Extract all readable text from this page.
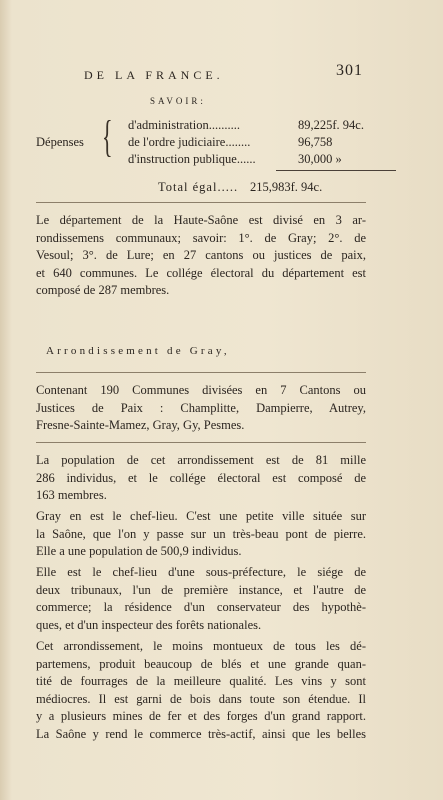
DE LA FRANCE.	301
SAVOIR:
Dépenses { d'administration..........	89,225f. 94c.
de l'ordre judiciaire........	96,758
d'instruction publique......	30,000 »
Total égal..... 215,983f. 94c.
Le département de la Haute-Saône est divisé en 3 ar-
rondissemens communaux; savoir: 1°. de Gray; 2°. de
Vesoul; 3°. de Lure; en 27 cantons ou justices de paix,
et 640 communes. Le collége électoral du département est
composé de 287 membres.
Arrondissement de Gray,
Contenant 190 Communes divisées en 7 Cantons ou
Justices de Paix : Champlitte, Dampierre, Autrey,
Fresne-Sainte-Mamez, Gray, Gy, Pesmes.
La population de cet arrondissement est de 81 mille
286 individus, et le collége électoral est composé de
163 membres.
Gray en est le chef-lieu. C'est une petite ville située sur
la Saône, que l'on y passe sur un très-beau pont de pierre.
Elle a une population de 500,9 individus.
Elle est le chef-lieu d'une sous-préfecture, le siége de
deux tribunaux, l'un de première instance, et l'autre de
commerce; la résidence d'un conservateur des hypothè-
ques, et d'un inspecteur des forêts nationales.
Cet arrondissement, le moins montueux de tous les dé-
partemens, produit beaucoup de blés et une grande quan-
tité de fourrages de la meilleure qualité. Les vins y sont
médiocres. Il est garni de bois dans toute son étendue. Il
y a plusieurs mines de fer et des forges d'un grand rapport.
La Saône y rend le commerce très-actif, ainsi que les belles
